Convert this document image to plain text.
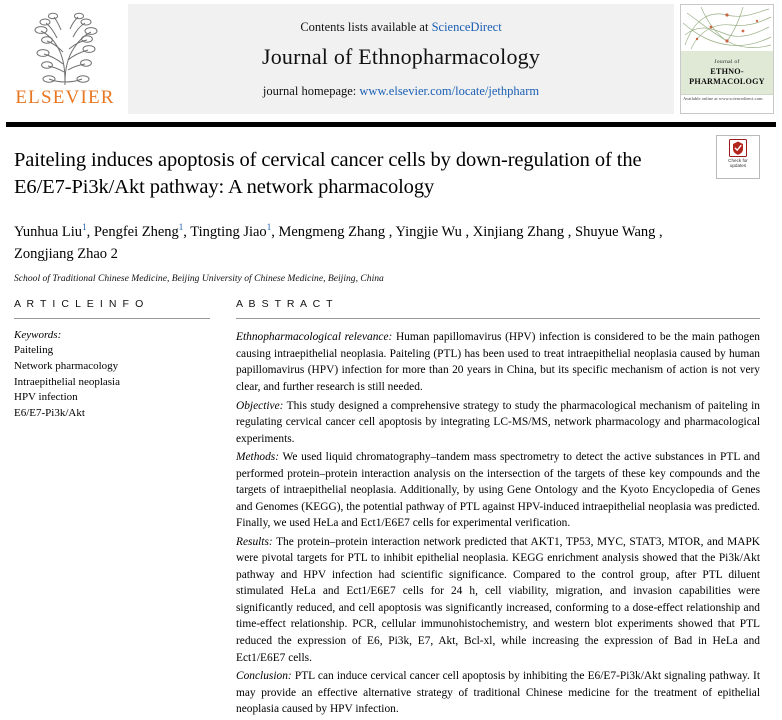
ELSEVIER
Contents lists available at ScienceDirect
Journal of Ethnopharmacology
journal homepage: www.elsevier.com/locate/jethpharm
Journal of
ETHNO-
PHARMACOLOGY
Available online at www.sciencedirect.com
Check for
updates
Paiteling induces apoptosis of cervical cancer cells by down-regulation of the E6/E7-Pi3k/Akt pathway: A network pharmacology
Yunhua Liu$^1$, Pengfei Zheng$^1$, Tingting Jiao$^1$, Mengmeng Zhang , Yingjie Wu , Xinjiang Zhang , Shuyue Wang , Zongjiang Zhao 2
School of Traditional Chinese Medicine, Beijing University of Chinese Medicine, Beijing, China
A R T I C L E I N F O
Keywords:
Paiteling
Network pharmacology
Intraepithelial neoplasia
HPV infection
E6/E7-Pi3k/Akt
A B S T R A C T

Ethnopharmacological relevance: Human papillomavirus (HPV) infection is considered to be the main pathogen causing intraepithelial neoplasia. Paiteling (PTL) has been used to treat intraepithelial neoplasia caused by human papillomavirus (HPV) infection for more than 20 years in China, but its specific mechanism of action is not very clear, and further research is still needed.

Objective: This study designed a comprehensive strategy to study the pharmacological mechanism of paiteling in regulating cervical cancer cell apoptosis by integrating LC-MS/MS, network pharmacology and pharmacological experiments.

Methods: We used liquid chromatography–tandem mass spectrometry to detect the active substances in PTL and performed protein–protein interaction analysis on the intersection of the targets of these key compounds and the targets of intraepithelial neoplasia. Additionally, by using Gene Ontology and the Kyoto Encyclopedia of Genes and Genomes (KEGG), the potential pathway of PTL against HPV-induced intraepithelial neoplasia was predicted. Finally, we used HeLa and Ect1/E6E7 cells for experimental verification.

Results: The protein–protein interaction network predicted that AKT1, TP53, MYC, STAT3, MTOR, and MAPK were pivotal targets for PTL to inhibit epithelial neoplasia. KEGG enrichment analysis showed that the Pi3k/Akt pathway and HPV infection had scientific significance. Compared to the control group, after PTL diluent stimulated HeLa and Ect1/E6E7 cells for 24 h, cell viability, migration, and invasion capabilities were significantly reduced, and cell apoptosis was significantly increased, conforming to a dose-effect relationship and time-effect relationship. PCR, cellular immunohistochemistry, and western blot experiments showed that PTL reduced the expression of E6, Pi3k, E7, Akt, Bcl-xl, while increasing the expression of Bad in HeLa and Ect1/E6E7 cells.

Conclusion: PTL can induce cervical cancer cell apoptosis by inhibiting the E6/E7-Pi3k/Akt signaling pathway. It may provide an effective alternative strategy of traditional Chinese medicine for the treatment of epithelial neoplasia caused by HPV infection.
